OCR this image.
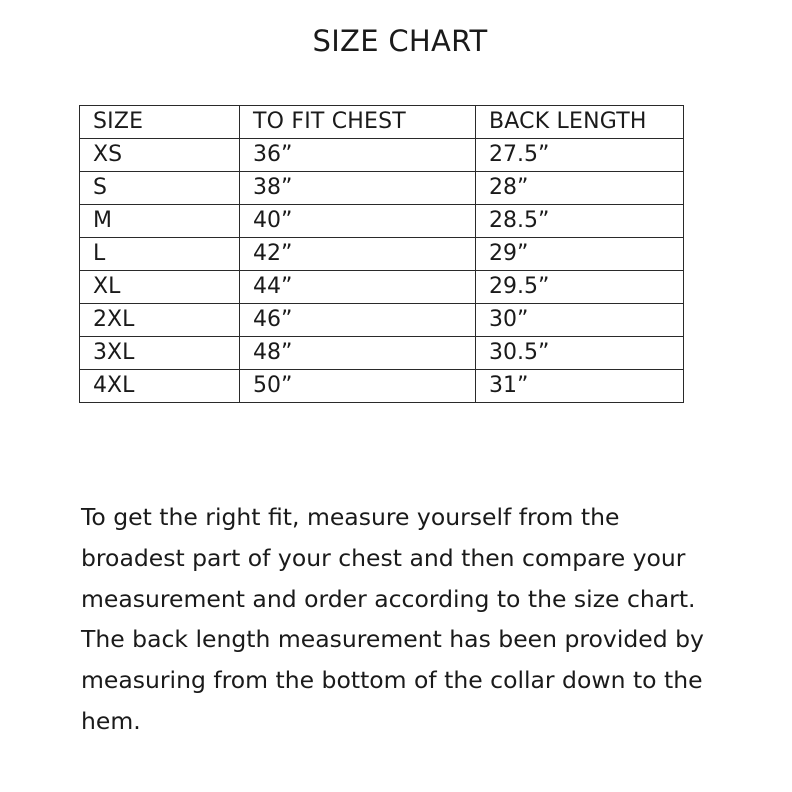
SIZE CHART
SIZE	TO FIT CHEST	BACK LENGTH
XS	36”	27.5”
S	38”	28”
M	40”	28.5”
L	42”	29”
XL	44”	29.5”
2XL	46”	30”
3XL	48”	30.5”
4XL	50”	31”

To get the right fit, measure yourself from the
broadest part of your chest and then compare your
measurement and order according to the size chart.
The back length measurement has been provided by
measuring from the bottom of the collar down to the
hem.
